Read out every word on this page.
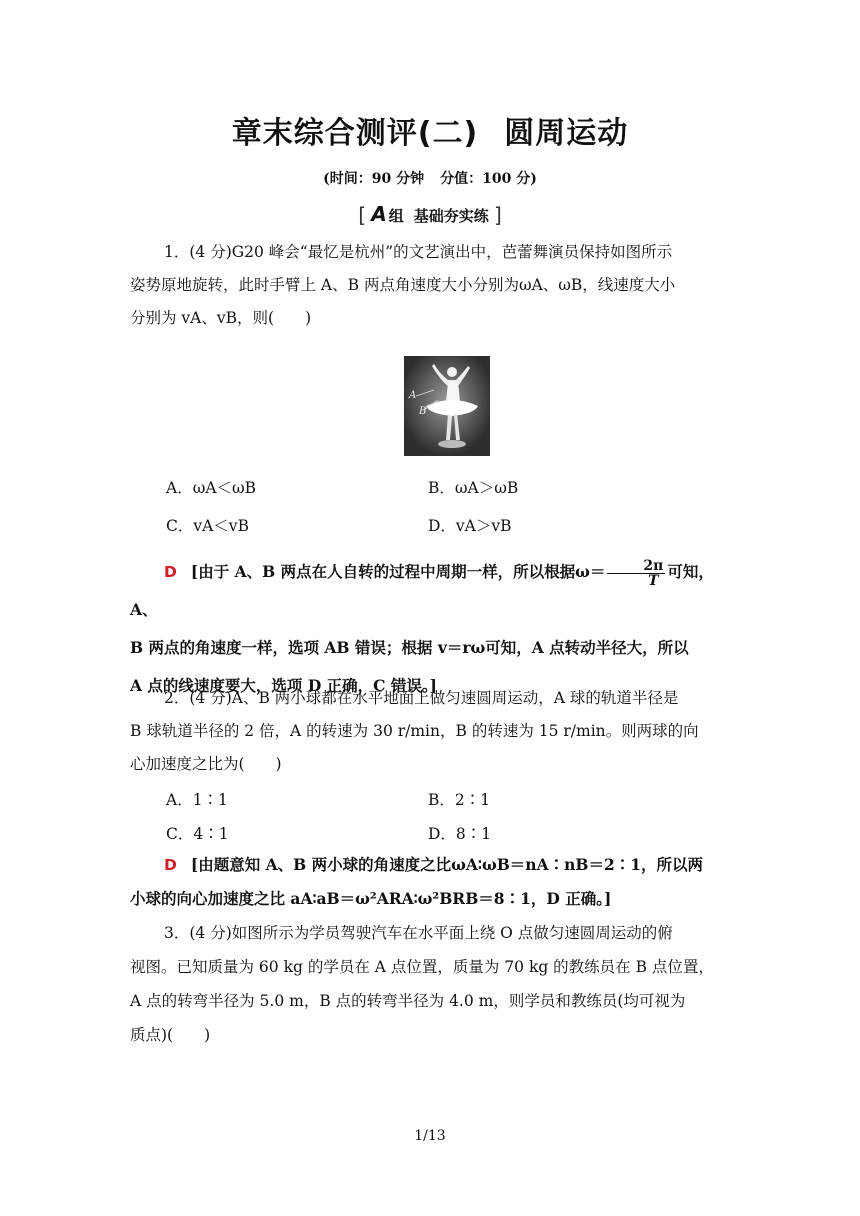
章末综合测评(二) 圆周运动
(时间：90 分钟 分值：100 分)
[ A 组 基础夯实练 ]

1．(4 分)G20 峰会“最忆是杭州”的文艺演出中，芭蕾舞演员保持如图所示

姿势原地旋转，此时手臂上 A、B 两点角速度大小分别为ωA、ωB，线速度大小

分别为 vA、vB，则(　　)

A
B
A．ωA＜ωB	B．ωA＞ωB
C．vA＜vB	D．vA＞vB

D [由于 A、B 两点在人自转的过程中周期一样，所以根据$\omega= \frac{2\pi}{T}$ 可知，A、

B 两点的角速度一样，选项 AB 错误；根据 v＝rω可知，A 点转动半径大，所以

A 点的线速度要大，选项 D 正确，C 错误。]

2．(4 分)A、B 两小球都在水平地面上做匀速圆周运动，A 球的轨道半径是

B 球轨道半径的 2 倍，A 的转速为 30 r/min，B 的转速为 15 r/min。则两球的向

心加速度之比为(　　)

A．1∶1	B．2∶1
C．4∶1	D．8∶1

D [由题意知 A、B 两小球的角速度之比ωA∶ωB＝nA∶nB＝2∶1，所以两

小球的向心加速度之比 aA∶aB＝ω²ARA∶ω²BRB＝8∶1，D 正确。]

3．(4 分)如图所示为学员驾驶汽车在水平面上绕 O 点做匀速圆周运动的俯

视图。已知质量为 60 kg 的学员在 A 点位置，质量为 70 kg 的教练员在 B 点位置，

A 点的转弯半径为 5.0 m，B 点的转弯半径为 4.0 m，则学员和教练员(均可视为

质点)(　　)

1/13
